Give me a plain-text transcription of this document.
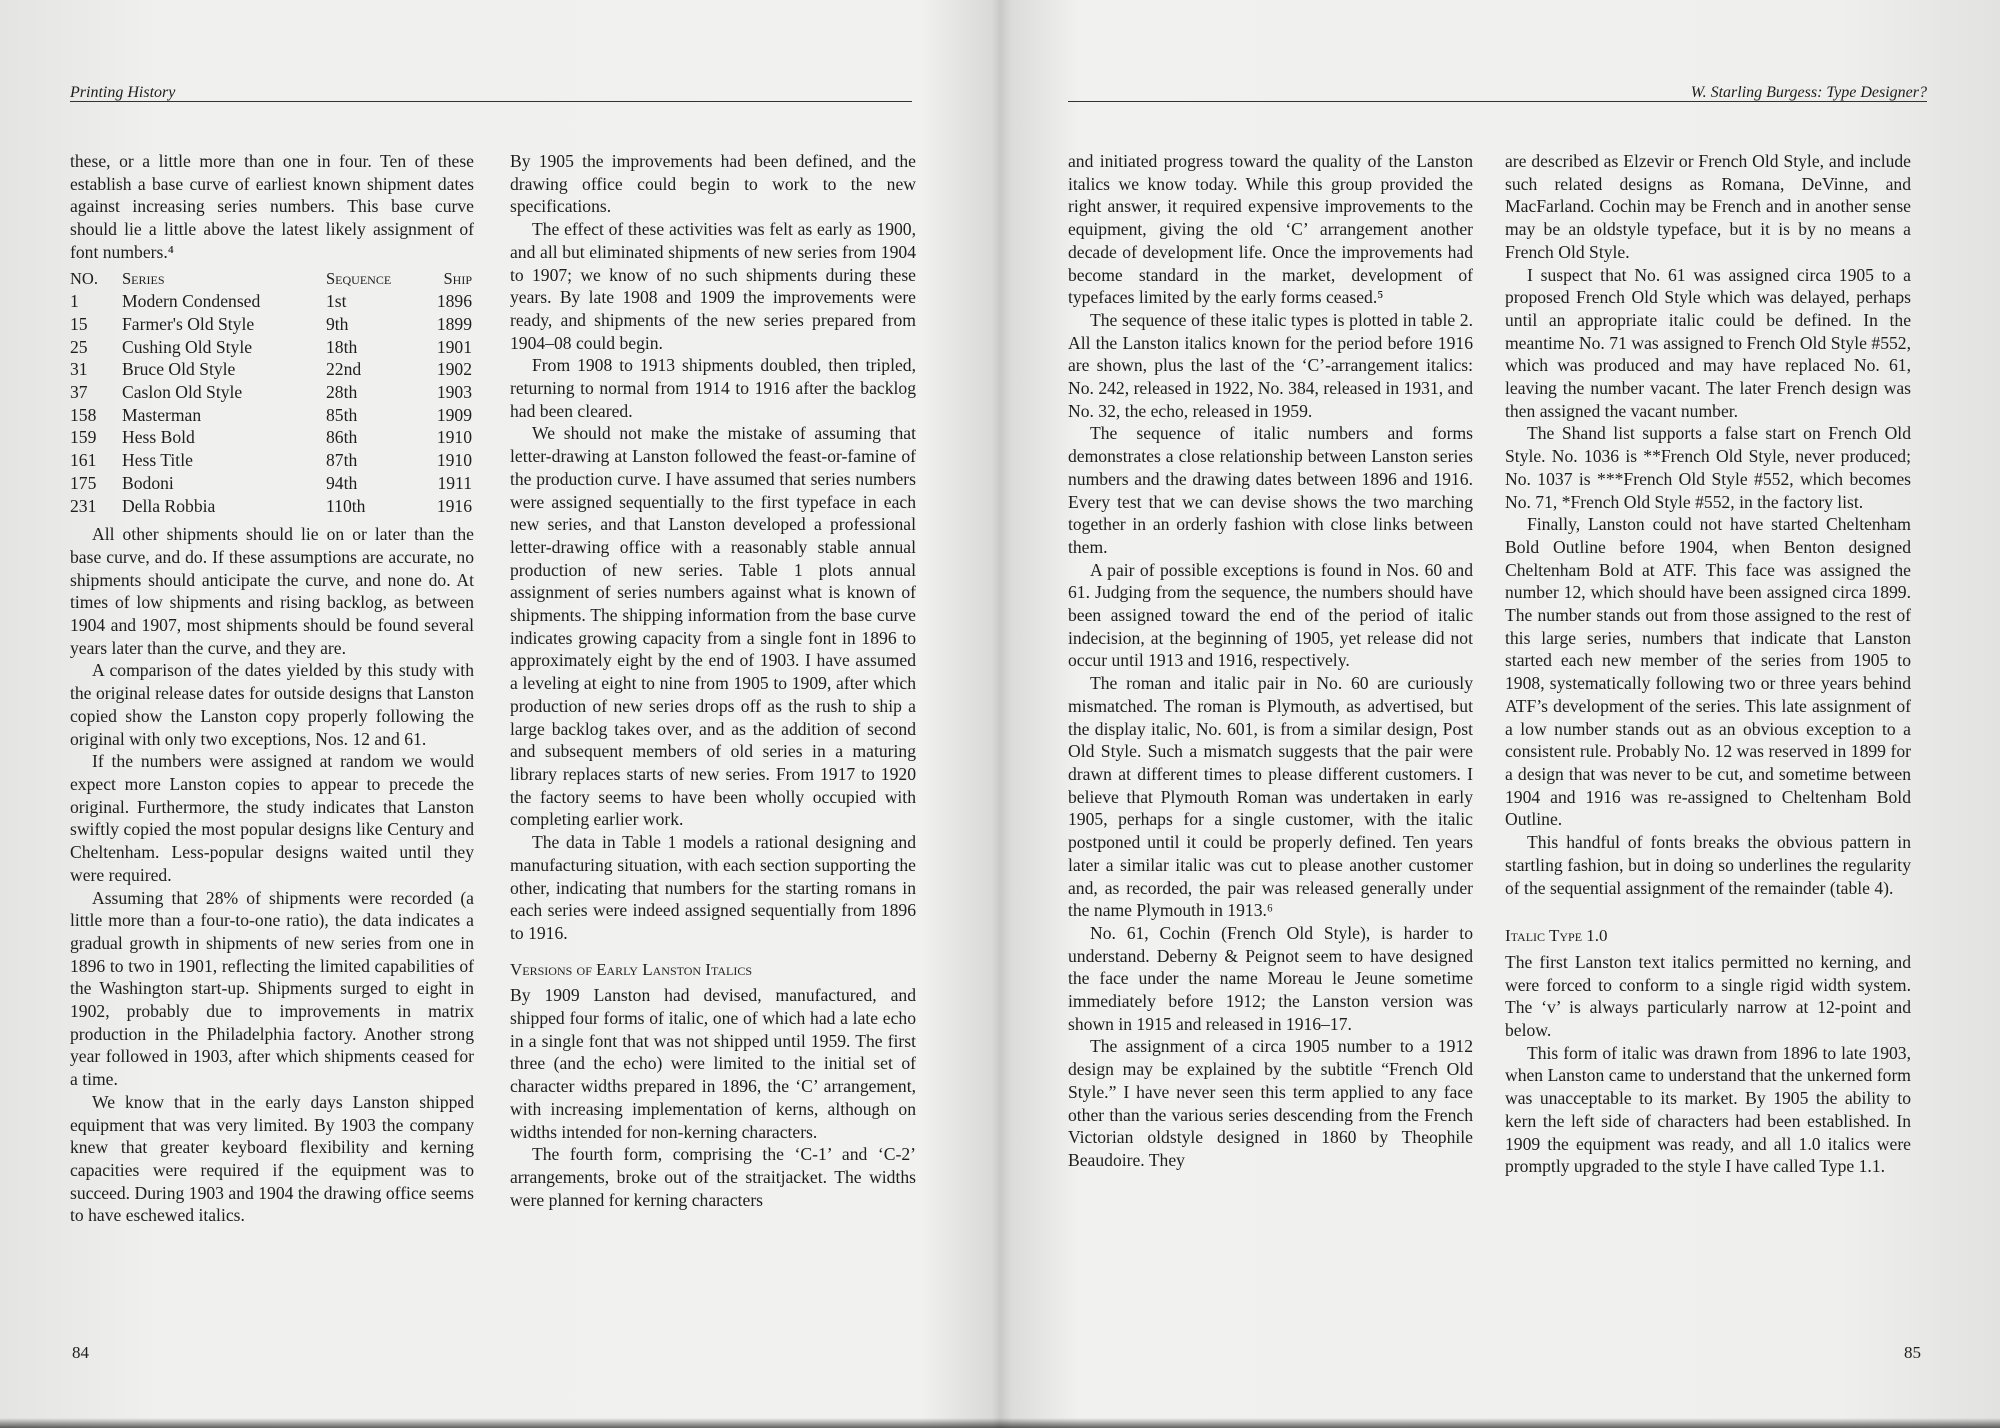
Printing History

these, or a little more than one in four. Ten of these establish a base curve of earliest known shipment dates against increasing series numbers. This base curve should lie a little above the latest likely assignment of font numbers.⁴

NO.	Series	Sequence	Ship
1	Modern Condensed	1st	1896
15	Farmer's Old Style	9th	1899
25	Cushing Old Style	18th	1901
31	Bruce Old Style	22nd	1902
37	Caslon Old Style	28th	1903
158	Masterman	85th	1909
159	Hess Bold	86th	1910
161	Hess Title	87th	1910
175	Bodoni	94th	1911
231	Della Robbia	110th	1916

All other shipments should lie on or later than the base curve, and do. If these assumptions are accurate, no shipments should anticipate the curve, and none do. At times of low shipments and rising backlog, as between 1904 and 1907, most shipments should be found several years later than the curve, and they are.

A comparison of the dates yielded by this study with the original release dates for outside designs that Lanston copied show the Lanston copy properly following the original with only two exceptions, Nos. 12 and 61.

If the numbers were assigned at random we would expect more Lanston copies to appear to precede the original. Furthermore, the study indicates that Lanston swiftly copied the most popular designs like Century and Cheltenham. Less-popular designs waited until they were required.

Assuming that 28% of shipments were recorded (a little more than a four-to-one ratio), the data indicates a gradual growth in shipments of new series from one in 1896 to two in 1901, reflecting the limited capabilities of the Washington start-up. Shipments surged to eight in 1902, probably due to improvements in matrix production in the Philadelphia factory. Another strong year followed in 1903, after which shipments ceased for a time.

We know that in the early days Lanston shipped equipment that was very limited. By 1903 the company knew that greater keyboard flexibility and kerning capacities were required if the equipment was to succeed. During 1903 and 1904 the drawing office seems to have eschewed italics.

By 1905 the improvements had been defined, and the drawing office could begin to work to the new specifications.

The effect of these activities was felt as early as 1900, and all but eliminated shipments of new series from 1904 to 1907; we know of no such shipments during these years. By late 1908 and 1909 the improvements were ready, and shipments of the new series prepared from 1904–08 could begin.

From 1908 to 1913 shipments doubled, then tripled, returning to normal from 1914 to 1916 after the backlog had been cleared.

We should not make the mistake of assuming that letter-drawing at Lanston followed the feast-or-famine of the production curve. I have assumed that series numbers were assigned sequentially to the first typeface in each new series, and that Lanston developed a professional letter-drawing office with a reasonably stable annual production of new series. Table 1 plots annual assignment of series numbers against what is known of shipments. The shipping information from the base curve indicates growing capacity from a single font in 1896 to approximately eight by the end of 1903. I have assumed a leveling at eight to nine from 1905 to 1909, after which production of new series drops off as the rush to ship a large backlog takes over, and as the addition of second and subsequent members of old series in a maturing library replaces starts of new series. From 1917 to 1920 the factory seems to have been wholly occupied with completing earlier work.

The data in Table 1 models a rational designing and manufacturing situation, with each section supporting the other, indicating that numbers for the starting romans in each series were indeed assigned sequentially from 1896 to 1916.

Versions of Early Lanston Italics

By 1909 Lanston had devised, manufactured, and shipped four forms of italic, one of which had a late echo in a single font that was not shipped until 1959. The first three (and the echo) were limited to the initial set of character widths prepared in 1896, the ‘C’ arrangement, with increasing implementation of kerns, although on widths intended for non-kerning characters.

The fourth form, comprising the ‘C-1’ and ‘C-2’ arrangements, broke out of the straitjacket. The widths were planned for kerning characters

84
W. Starling Burgess: Type Designer?

and initiated progress toward the quality of the Lanston italics we know today. While this group provided the right answer, it required expensive improvements to the equipment, giving the old ‘C’ arrangement another decade of development life. Once the improvements had become standard in the market, development of typefaces limited by the early forms ceased.⁵

The sequence of these italic types is plotted in table 2. All the Lanston italics known for the period before 1916 are shown, plus the last of the ‘C’-arrangement italics: No. 242, released in 1922, No. 384, released in 1931, and No. 32, the echo, released in 1959.

The sequence of italic numbers and forms demonstrates a close relationship between Lanston series numbers and the drawing dates between 1896 and 1916. Every test that we can devise shows the two marching together in an orderly fashion with close links between them.

A pair of possible exceptions is found in Nos. 60 and 61. Judging from the sequence, the numbers should have been assigned toward the end of the period of italic indecision, at the beginning of 1905, yet release did not occur until 1913 and 1916, respectively.

The roman and italic pair in No. 60 are curiously mismatched. The roman is Plymouth, as advertised, but the display italic, No. 601, is from a similar design, Post Old Style. Such a mismatch suggests that the pair were drawn at different times to please different customers. I believe that Plymouth Roman was undertaken in early 1905, perhaps for a single customer, with the italic postponed until it could be properly defined. Ten years later a similar italic was cut to please another customer and, as recorded, the pair was released generally under the name Plymouth in 1913.⁶

No. 61, Cochin (French Old Style), is harder to understand. Deberny & Peignot seem to have designed the face under the name Moreau le Jeune sometime immediately before 1912; the Lanston version was shown in 1915 and released in 1916–17.

The assignment of a circa 1905 number to a 1912 design may be explained by the subtitle “French Old Style.” I have never seen this term applied to any face other than the various series descending from the French Victorian oldstyle designed in 1860 by Theophile Beaudoire. They

are described as Elzevir or French Old Style, and include such related designs as Romana, DeVinne, and MacFarland. Cochin may be French and in another sense may be an oldstyle typeface, but it is by no means a French Old Style.

I suspect that No. 61 was assigned circa 1905 to a proposed French Old Style which was delayed, perhaps until an appropriate italic could be defined. In the meantime No. 71 was assigned to French Old Style #552, which was produced and may have replaced No. 61, leaving the number vacant. The later French design was then assigned the vacant number.

The Shand list supports a false start on French Old Style. No. 1036 is **French Old Style, never produced; No. 1037 is ***French Old Style #552, which becomes No. 71, *French Old Style #552, in the factory list.

Finally, Lanston could not have started Cheltenham Bold Outline before 1904, when Benton designed Cheltenham Bold at ATF. This face was assigned the number 12, which should have been assigned circa 1899. The number stands out from those assigned to the rest of this large series, numbers that indicate that Lanston started each new member of the series from 1905 to 1908, systematically following two or three years behind ATF’s development of the series. This late assignment of a low number stands out as an obvious exception to a consistent rule. Probably No. 12 was reserved in 1899 for a design that was never to be cut, and sometime between 1904 and 1916 was re-assigned to Cheltenham Bold Outline.

This handful of fonts breaks the obvious pattern in startling fashion, but in doing so underlines the regularity of the sequential assignment of the remainder (table 4).

Italic Type 1.0

The first Lanston text italics permitted no kerning, and were forced to conform to a single rigid width system. The ‘v’ is always particularly narrow at 12-point and below.

This form of italic was drawn from 1896 to late 1903, when Lanston came to understand that the unkerned form was unacceptable to its market. By 1905 the ability to kern the left side of characters had been established. In 1909 the equipment was ready, and all 1.0 italics were promptly upgraded to the style I have called Type 1.1.

85
